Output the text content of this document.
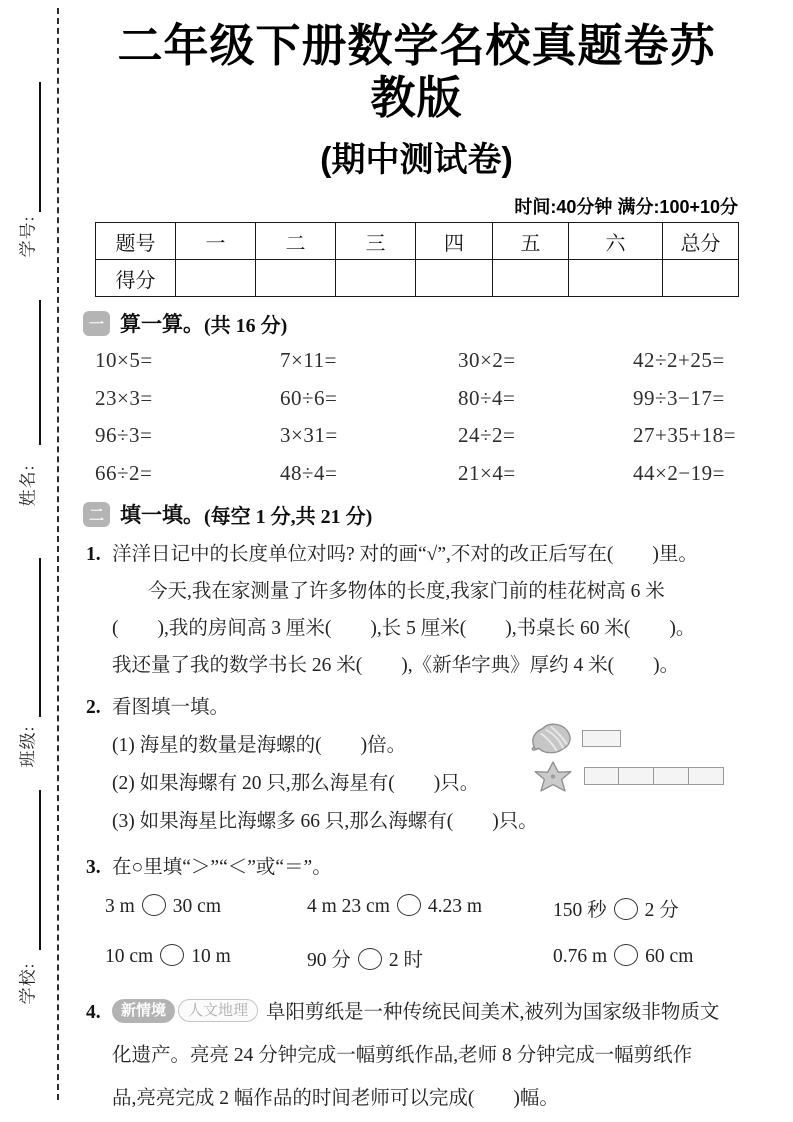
学号:
姓名:
班级:
学校:
二年级下册数学名校真题卷苏教版
(期中测试卷)
时间:40分钟 满分:100+10分
题号	一	二	三	四	五	六	总分
得分							
一 算一算。 (共 16 分)
10×5=	7×11=	30×2=	42÷2+25=
23×3=	60÷6=	80÷4=	99÷3−17=
96÷3=	3×31=	24÷2=	27+35+18=
66÷2=	48÷4=	21×4=	44×2−19=
二 填一填。 (每空 1 分,共 21 分)
1. 洋洋日记中的长度单位对吗? 对的画“√”,不对的改正后写在(　　)里。
今天,我在家测量了许多物体的长度,我家门前的桂花树高 6 米
(　　),我的房间高 3 厘米(　　),长 5 厘米(　　),书桌长 60 米(　　)。
我还量了我的数学书长 26 米(　　),《新华字典》厚约 4 米(　　)。
2. 看图填一填。
(1) 海星的数量是海螺的(　　)倍。
(2) 如果海螺有 20 只,那么海星有(　　)只。
(3) 如果海星比海螺多 66 只,那么海螺有(　　)只。
3. 在○里填“＞”“＜”或“＝”。
3 m 30 cm	4 m 23 cm 4.23 m	150 秒 2 分
10 cm 10 m	90 分 2 时	0.76 m 60 cm
4. 新情境 人文地理 阜阳剪纸是一种传统民间美术,被列为国家级非物质文
化遗产。亮亮 24 分钟完成一幅剪纸作品,老师 8 分钟完成一幅剪纸作
品,亮亮完成 2 幅作品的时间老师可以完成(　　)幅。
